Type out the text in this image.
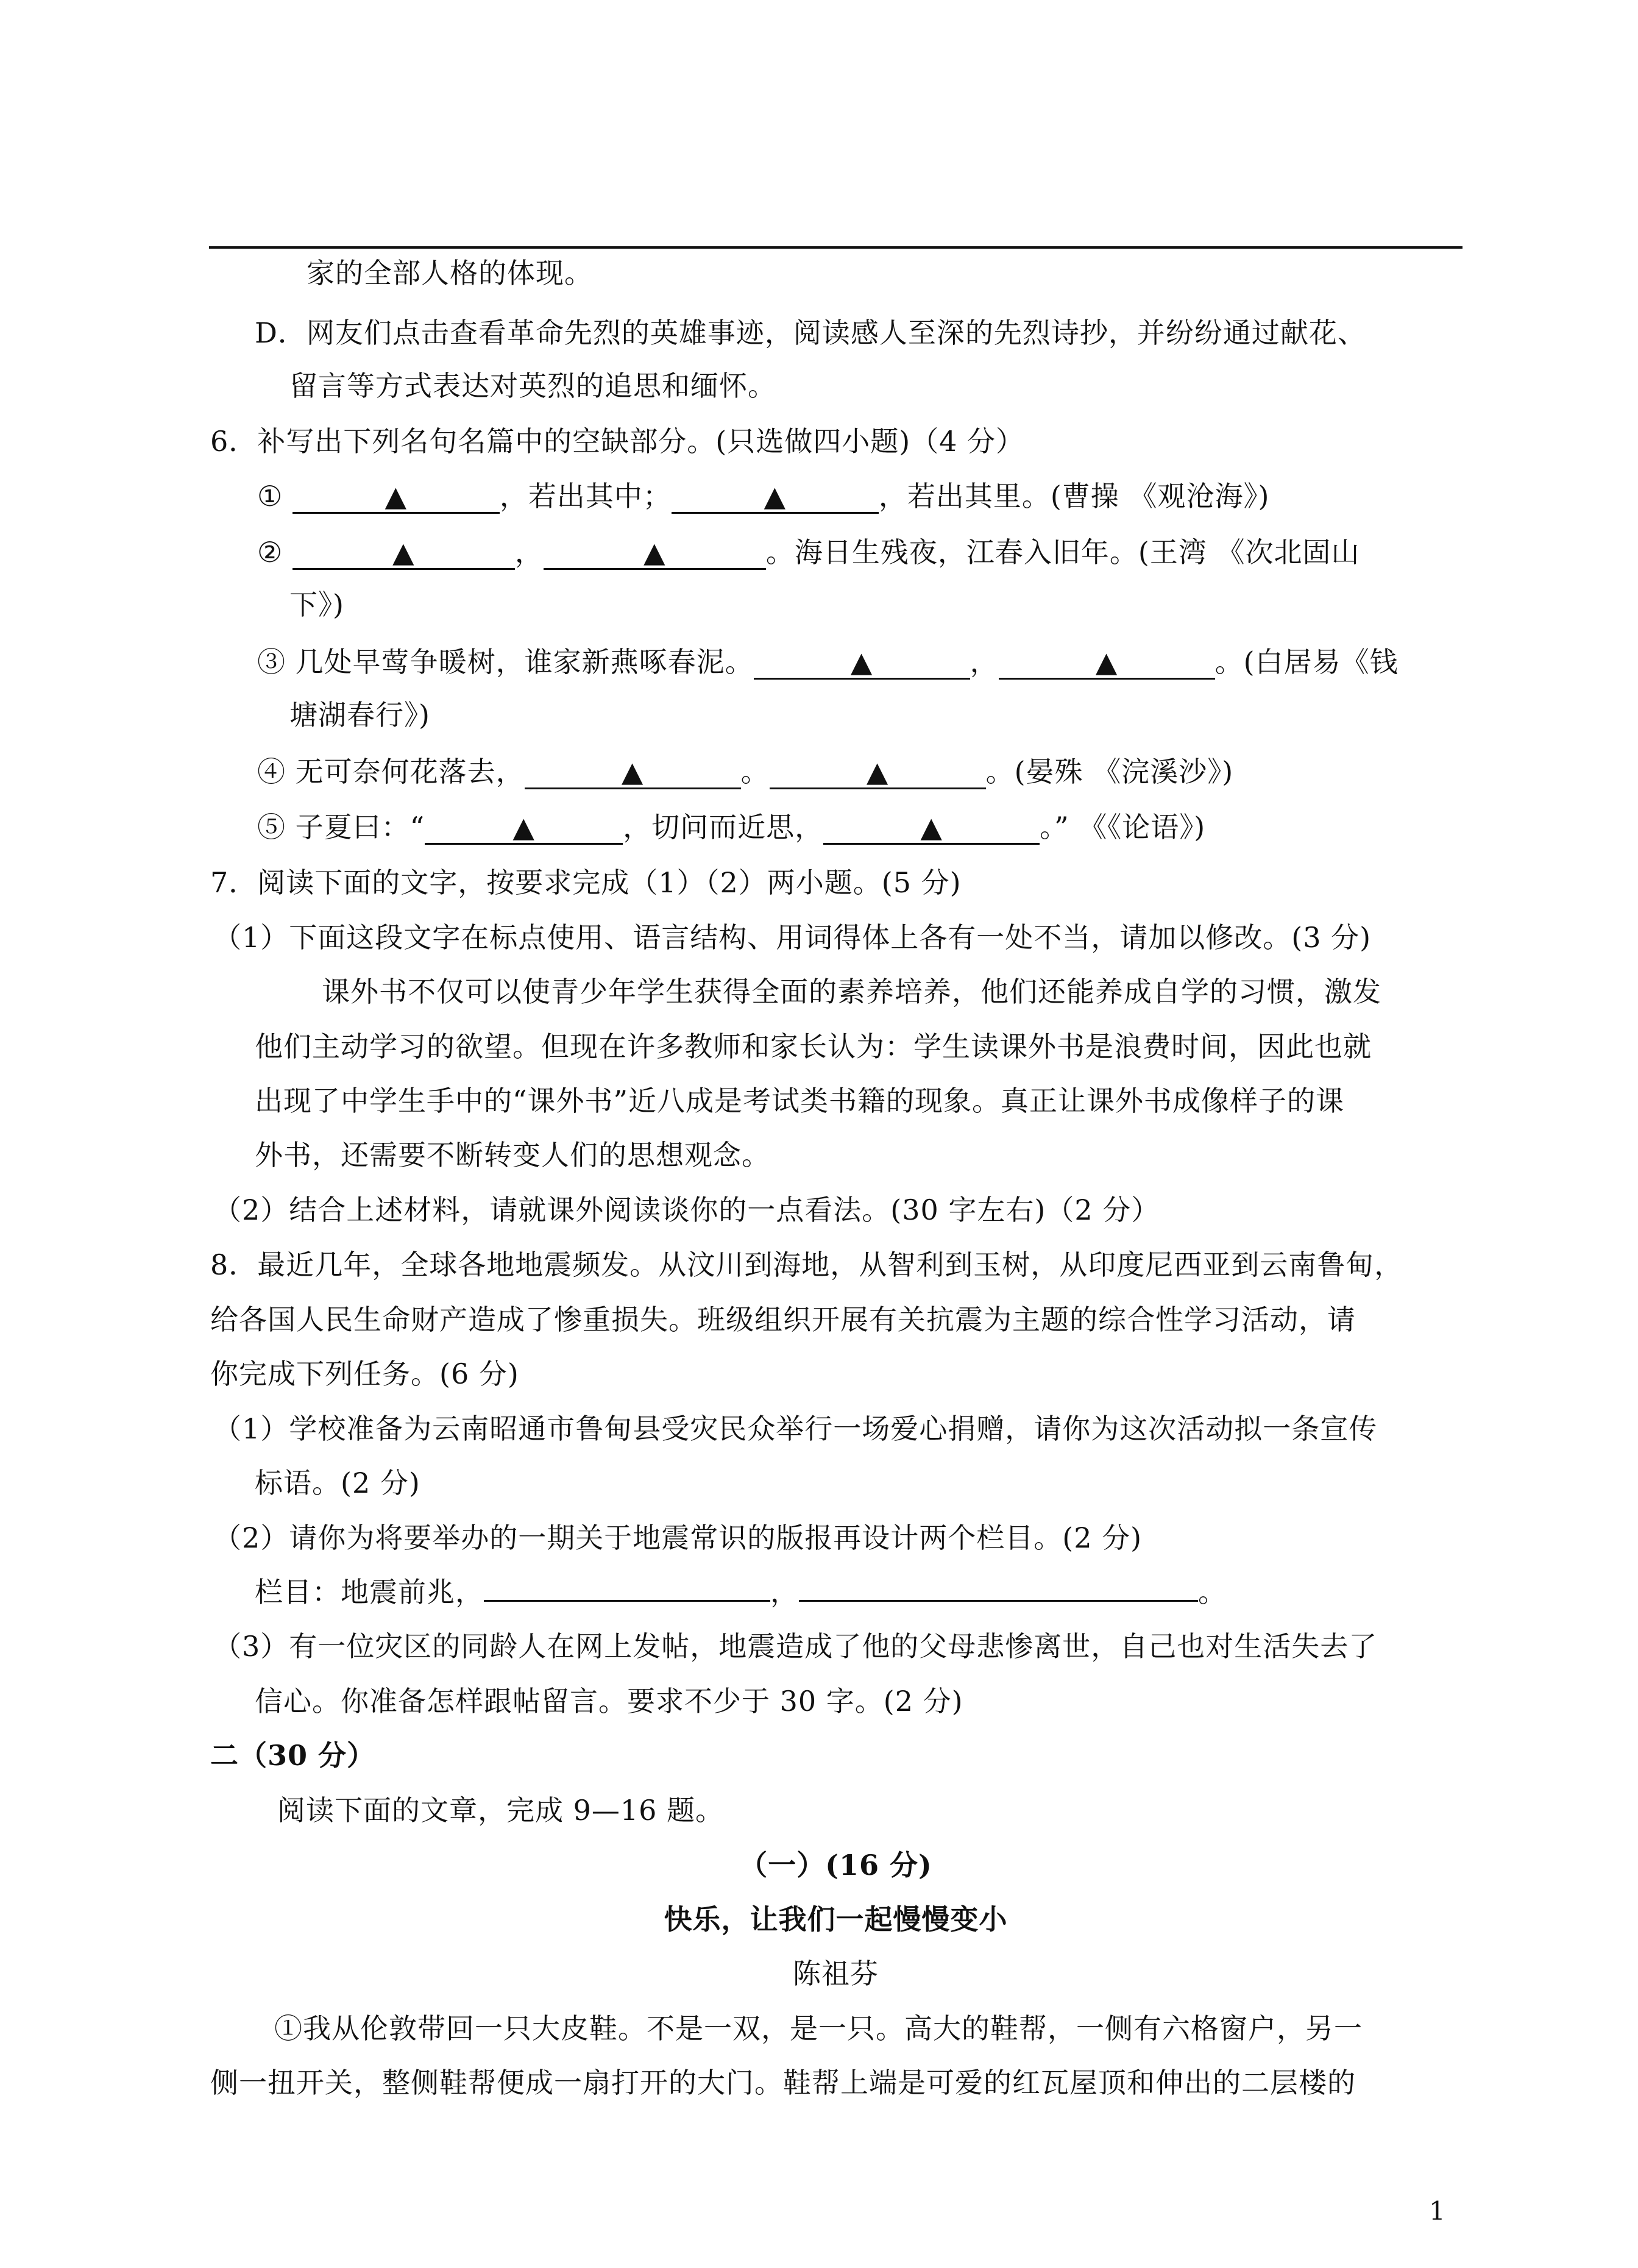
家的全部人格的体现。
D．网友们点击查看革命先烈的英雄事迹，阅读感人至深的先烈诗抄，并纷纷通过献花、
留言等方式表达对英烈的追思和缅怀。
6．补写出下列名句名篇中的空缺部分。(只选做四小题)（4 分）
①	▲	，若出其中；	▲	，若出其里。(曹操 《观沧海》)
②	▲	，	▲	。海日生残夜，江春入旧年。(王湾 《次北固山
下》)
③ 几处早莺争暖树，谁家新燕啄春泥。	▲	，	▲	。(白居易《钱
塘湖春行》)
④ 无可奈何花落去，	▲	。	▲	。(晏殊 《浣溪沙》)
⑤ 子夏曰：“	▲	，切问而近思，	▲	。” 《《论语》)
7．阅读下面的文字，按要求完成（1）（2）两小题。(5 分)
（1）下面这段文字在标点使用、语言结构、用词得体上各有一处不当，请加以修改。(3 分)
课外书不仅可以使青少年学生获得全面的素养培养，他们还能养成自学的习惯，激发
他们主动学习的欲望。但现在许多教师和家长认为：学生读课外书是浪费时间，因此也就
出现了中学生手中的“课外书”近八成是考试类书籍的现象。真正让课外书成像样子的课
外书，还需要不断转变人们的思想观念。
（2）结合上述材料，请就课外阅读谈你的一点看法。(30 字左右)（2 分）
8．最近几年，全球各地地震频发。从汶川到海地，从智利到玉树，从印度尼西亚到云南鲁甸，
给各国人民生命财产造成了惨重损失。班级组织开展有关抗震为主题的综合性学习活动，请
你完成下列任务。(6 分)
（1）学校准备为云南昭通市鲁甸县受灾民众举行一场爱心捐赠，请你为这次活动拟一条宣传
标语。(2 分)
（2）请你为将要举办的一期关于地震常识的版报再设计两个栏目。(2 分)
栏目：地震前兆，	，	。
（3）有一位灾区的同龄人在网上发帖，地震造成了他的父母悲惨离世，自己也对生活失去了
信心。你准备怎样跟帖留言。要求不少于 30 字。(2 分)
二（30 分）
阅读下面的文章，完成 9—16 题。
（一）(16 分)
快乐，让我们一起慢慢变小
陈祖芬
①我从伦敦带回一只大皮鞋。不是一双，是一只。高大的鞋帮，一侧有六格窗户，另一
侧一扭开关，整侧鞋帮便成一扇打开的大门。鞋帮上端是可爱的红瓦屋顶和伸出的二层楼的
1
